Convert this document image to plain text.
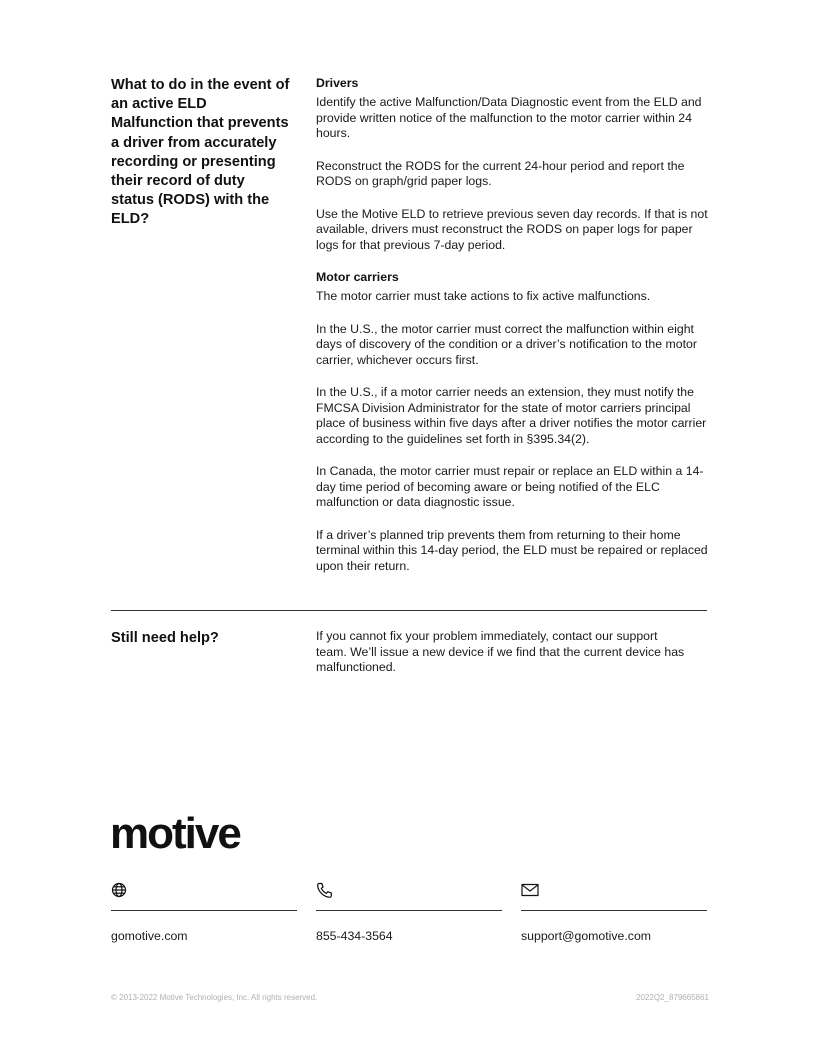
What to do in the event of an active ELD Malfunction that prevents a driver from accurately recording or presenting their record of duty status (RODS) with the ELD?
Drivers

Identify the active Malfunction/Data Diagnostic event from the ELD and provide written notice of the malfunction to the motor carrier within 24 hours.

Reconstruct the RODS for the current 24-hour period and report the RODS on graph/grid paper logs.

Use the Motive ELD to retrieve previous seven day records. If that is not available, drivers must reconstruct the RODS on paper logs for paper logs for that previous 7-day period.

Motor carriers

The motor carrier must take actions to fix active malfunctions.

In the U.S., the motor carrier must correct the malfunction within eight days of discovery of the condition or a driver’s notification to the motor carrier, whichever occurs first.

In the U.S., if a motor carrier needs an extension, they must notify the FMCSA Division Administrator for the state of motor carriers principal place of business within five days after a driver notifies the motor carrier according to the guidelines set forth in §395.34(2).

In Canada, the motor carrier must repair or replace an ELD within a 14-day time period of becoming aware or being notified of the ELC malfunction or data diagnostic issue.

If a driver’s planned trip prevents them from returning to their home terminal within this 14-day period, the ELD must be repaired or replaced upon their return.

Still need help?	If you cannot fix your problem immediately, contact our support team. We’ll issue a new device if we find that the current device has malfunctioned.

motive
gomotive.com	855-434-3564	support@gomotive.com
© 2013-2022 Motive Technologies, Inc. All rights reserved.	2022Q2_879665861
